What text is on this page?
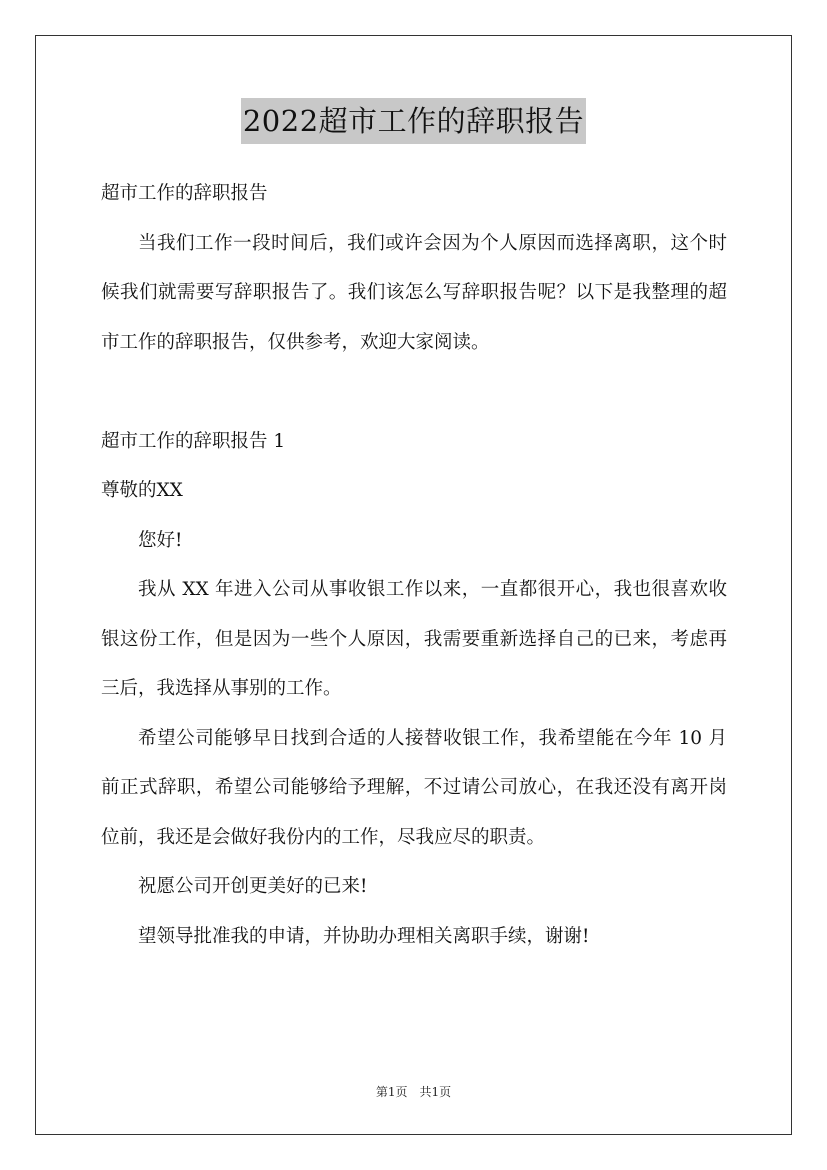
2022超市工作的辞职报告

超市工作的辞职报告

当我们工作一段时间后，我们或许会因为个人原因而选择离职，这个时候我们就需要写辞职报告了。我们该怎么写辞职报告呢？以下是我整理的超市工作的辞职报告，仅供参考，欢迎大家阅读。

超市工作的辞职报告 1

尊敬的XX

您好!

我从 XX 年进入公司从事收银工作以来，一直都很开心，我也很喜欢收银这份工作，但是因为一些个人原因，我需要重新选择自己的已来，考虑再三后，我选择从事别的工作。

希望公司能够早日找到合适的人接替收银工作，我希望能在今年 10 月前正式辞职，希望公司能够给予理解，不过请公司放心，在我还没有离开岗位前，我还是会做好我份内的工作，尽我应尽的职责。

祝愿公司开创更美好的已来!

望领导批准我的申请，并协助办理相关离职手续，谢谢!

第1页 共1页
